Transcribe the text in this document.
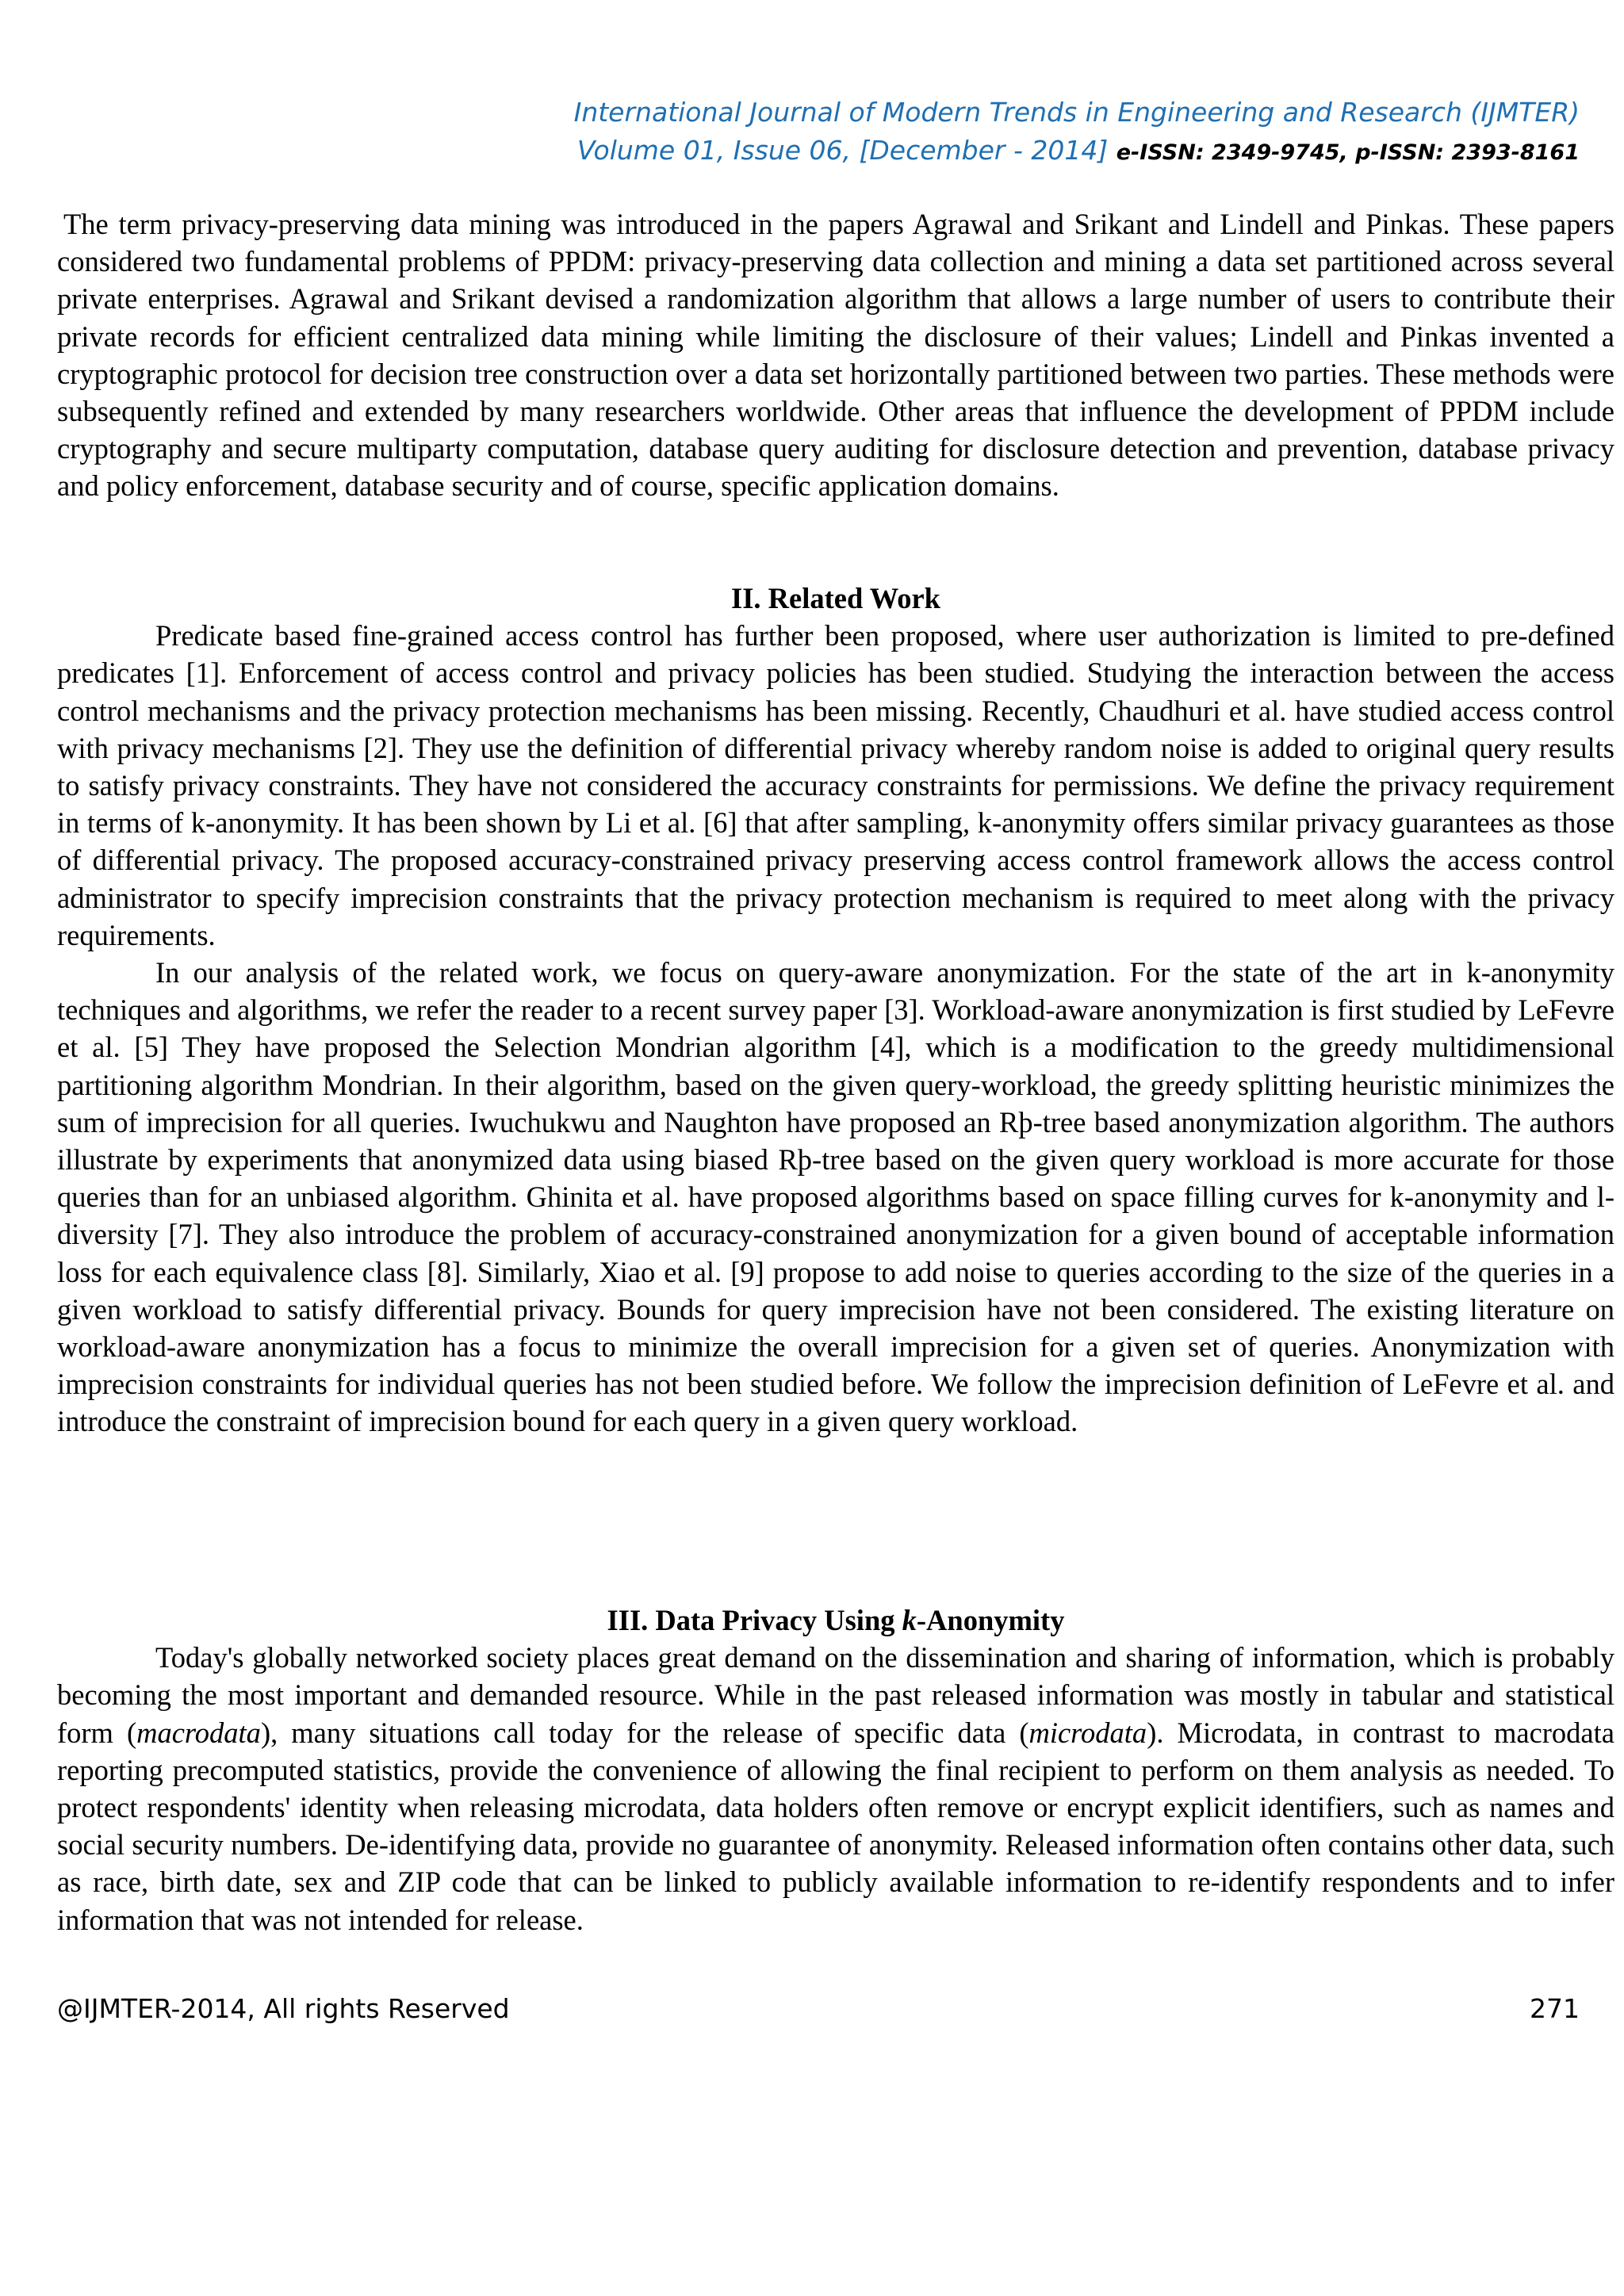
International Journal of Modern Trends in Engineering and Research (IJMTER)
Volume 01, Issue 06, [December - 2014] e-ISSN: 2349-9745, p-ISSN: 2393-8161

The term privacy-preserving data mining was introduced in the papers Agrawal and Srikant and Lindell and Pinkas. These papers considered two fundamental problems of PPDM: privacy-preserving data collection and mining a data set partitioned across several private enterprises. Agrawal and Srikant devised a randomization algorithm that allows a large number of users to contribute their private records for efficient centralized data mining while limiting the disclosure of their values; Lindell and Pinkas invented a cryptographic protocol for decision tree construction over a data set horizontally partitioned between two parties. These methods were subsequently refined and extended by many researchers worldwide. Other areas that influence the development of PPDM include cryptography and secure multiparty computation, database query auditing for disclosure detection and prevention, database privacy and policy enforcement, database security and of course, specific application domains.

II. Related Work

Predicate based fine-grained access control has further been proposed, where user authorization is limited to pre-defined predicates [1]. Enforcement of access control and privacy policies has been studied. Studying the interaction between the access control mechanisms and the privacy protection mechanisms has been missing. Recently, Chaudhuri et al. have studied access control with privacy mechanisms [2]. They use the definition of differential privacy whereby random noise is added to original query results to satisfy privacy constraints. They have not considered the accuracy constraints for permissions. We define the privacy requirement in terms of k-anonymity. It has been shown by Li et al. [6] that after sampling, k-anonymity offers similar privacy guarantees as those of differential privacy. The proposed accuracy-constrained privacy preserving access control framework allows the access control administrator to specify imprecision constraints that the privacy protection mechanism is required to meet along with the privacy requirements.

In our analysis of the related work, we focus on query-aware anonymization. For the state of the art in k-anonymity techniques and algorithms, we refer the reader to a recent survey paper [3]. Workload-aware anonymization is first studied by LeFevre et al. [5] They have proposed the Selection Mondrian algorithm [4], which is a modification to the greedy multidimensional partitioning algorithm Mondrian. In their algorithm, based on the given query-workload, the greedy splitting heuristic minimizes the sum of imprecision for all queries. Iwuchukwu and Naughton have proposed an Rþ-tree based anonymization algorithm. The authors illustrate by experiments that anonymized data using biased Rþ-tree based on the given query workload is more accurate for those queries than for an unbiased algorithm. Ghinita et al. have proposed algorithms based on space filling curves for k-anonymity and l-diversity [7]. They also introduce the problem of accuracy-constrained anonymization for a given bound of acceptable information loss for each equivalence class [8]. Similarly, Xiao et al. [9] propose to add noise to queries according to the size of the queries in a given workload to satisfy differential privacy. Bounds for query imprecision have not been considered. The existing literature on workload-aware anonymization has a focus to minimize the overall imprecision for a given set of queries. Anonymization with imprecision constraints for individual queries has not been studied before. We follow the imprecision definition of LeFevre et al. and introduce the constraint of imprecision bound for each query in a given query workload.

III. Data Privacy Using k-Anonymity

Today's globally networked society places great demand on the dissemination and sharing of information, which is probably becoming the most important and demanded resource. While in the past released information was mostly in tabular and statistical form (macrodata), many situations call today for the release of specific data (microdata). Microdata, in contrast to macrodata reporting precomputed statistics, provide the convenience of allowing the final recipient to perform on them analysis as needed. To protect respondents' identity when releasing microdata, data holders often remove or encrypt explicit identifiers, such as names and social security numbers. De-identifying data, provide no guarantee of anonymity. Released information often contains other data, such as race, birth date, sex and ZIP code that can be linked to publicly available information to re-identify respondents and to infer information that was not intended for release.

@IJMTER-2014, All rights Reserved	271
